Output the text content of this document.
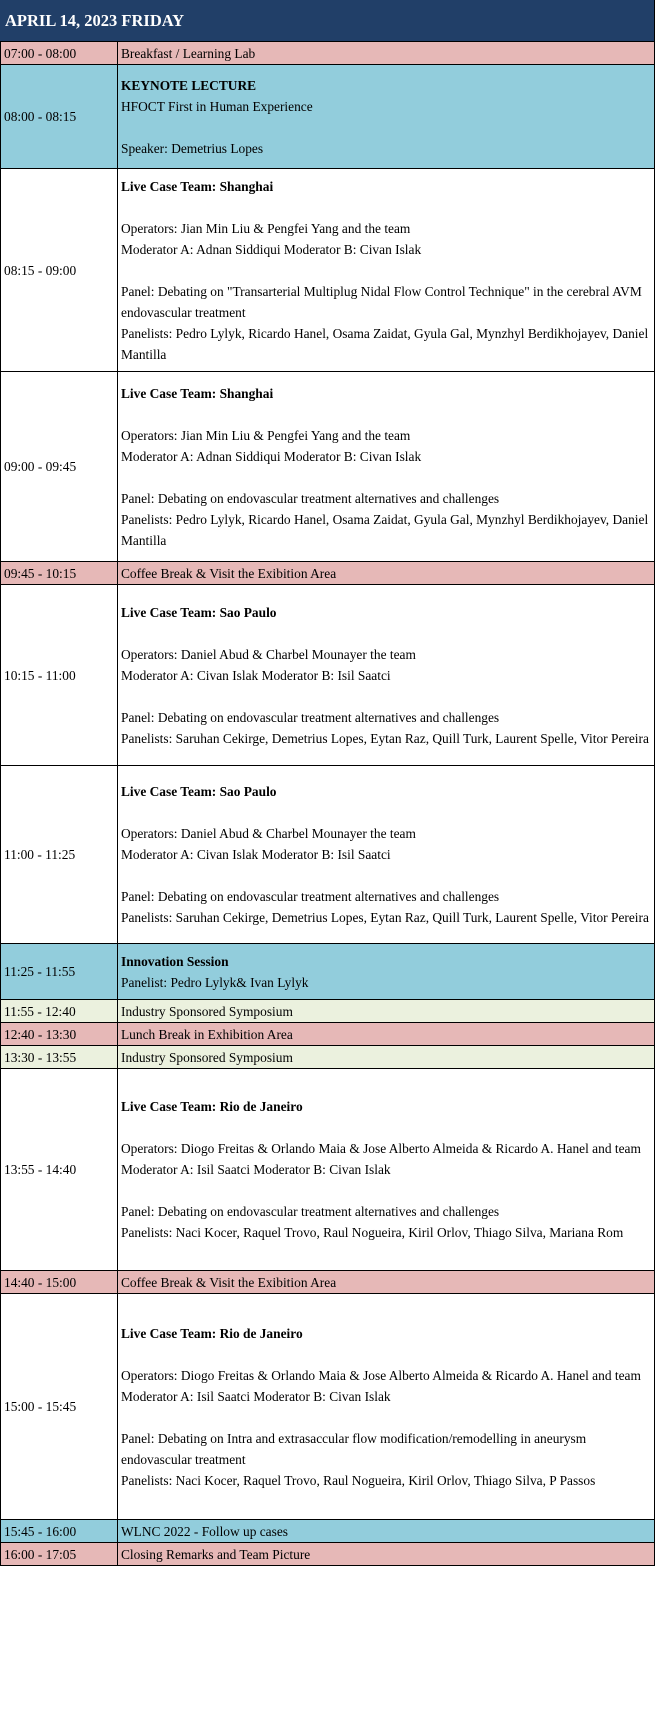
APRIL 14, 2023 FRIDAY
07:00 - 08:00	Breakfast / Learning Lab

08:00 - 08:15	KEYNOTE LECTURE
HFOCT First in Human Experience
Speaker: Demetrius Lopes

08:15 - 09:00	Live Case Team: Shanghai
Operators: Jian Min Liu & Pengfei Yang and the team
Moderator A: Adnan Siddiqui Moderator B: Civan Islak
Panel: Debating on "Transarterial Multiplug Nidal Flow Control Technique" in the cerebral AVM endovascular treatment
Panelists: Pedro Lylyk, Ricardo Hanel, Osama Zaidat, Gyula Gal, Mynzhyl Berdikhojayev, Daniel Mantilla

09:00 - 09:45	Live Case Team: Shanghai
Operators: Jian Min Liu & Pengfei Yang and the team
Moderator A: Adnan Siddiqui Moderator B: Civan Islak
Panel: Debating on endovascular treatment alternatives and challenges
Panelists: Pedro Lylyk, Ricardo Hanel, Osama Zaidat, Gyula Gal, Mynzhyl Berdikhojayev, Daniel Mantilla

09:45 - 10:15	Coffee Break & Visit the Exibition Area

10:15 - 11:00	Live Case Team: Sao Paulo
Operators: Daniel Abud & Charbel Mounayer the team
Moderator A: Civan Islak Moderator B: Isil Saatci
Panel: Debating on endovascular treatment alternatives and challenges
Panelists: Saruhan Cekirge, Demetrius Lopes, Eytan Raz, Quill Turk, Laurent Spelle, Vitor Pereira

11:00 - 11:25	Live Case Team: Sao Paulo
Operators: Daniel Abud & Charbel Mounayer the team
Moderator A: Civan Islak Moderator B: Isil Saatci
Panel: Debating on endovascular treatment alternatives and challenges
Panelists: Saruhan Cekirge, Demetrius Lopes, Eytan Raz, Quill Turk, Laurent Spelle, Vitor Pereira

11:25 - 11:55	Innovation Session
Panelist: Pedro Lylyk& Ivan Lylyk

11:55 - 12:40	Industry Sponsored Symposium

12:40 - 13:30	Lunch Break in Exhibition Area

13:30 - 13:55	Industry Sponsored Symposium

13:55 - 14:40	Live Case Team: Rio de Janeiro
Operators: Diogo Freitas & Orlando Maia & Jose Alberto Almeida & Ricardo A. Hanel and team
Moderator A: Isil Saatci Moderator B: Civan Islak
Panel: Debating on endovascular treatment alternatives and challenges
Panelists: Naci Kocer, Raquel Trovo, Raul Nogueira, Kiril Orlov, Thiago Silva, Mariana Rom

14:40 - 15:00	Coffee Break & Visit the Exibition Area

15:00 - 15:45	Live Case Team: Rio de Janeiro
Operators: Diogo Freitas & Orlando Maia & Jose Alberto Almeida & Ricardo A. Hanel and team
Moderator A: Isil Saatci Moderator B: Civan Islak
Panel: Debating on Intra and extrasaccular flow modification/remodelling in aneurysm endovascular treatment
Panelists: Naci Kocer, Raquel Trovo, Raul Nogueira, Kiril Orlov, Thiago Silva, P Passos

15:45 - 16:00	WLNC 2022 - Follow up cases

16:00 - 17:05	Closing Remarks and Team Picture
